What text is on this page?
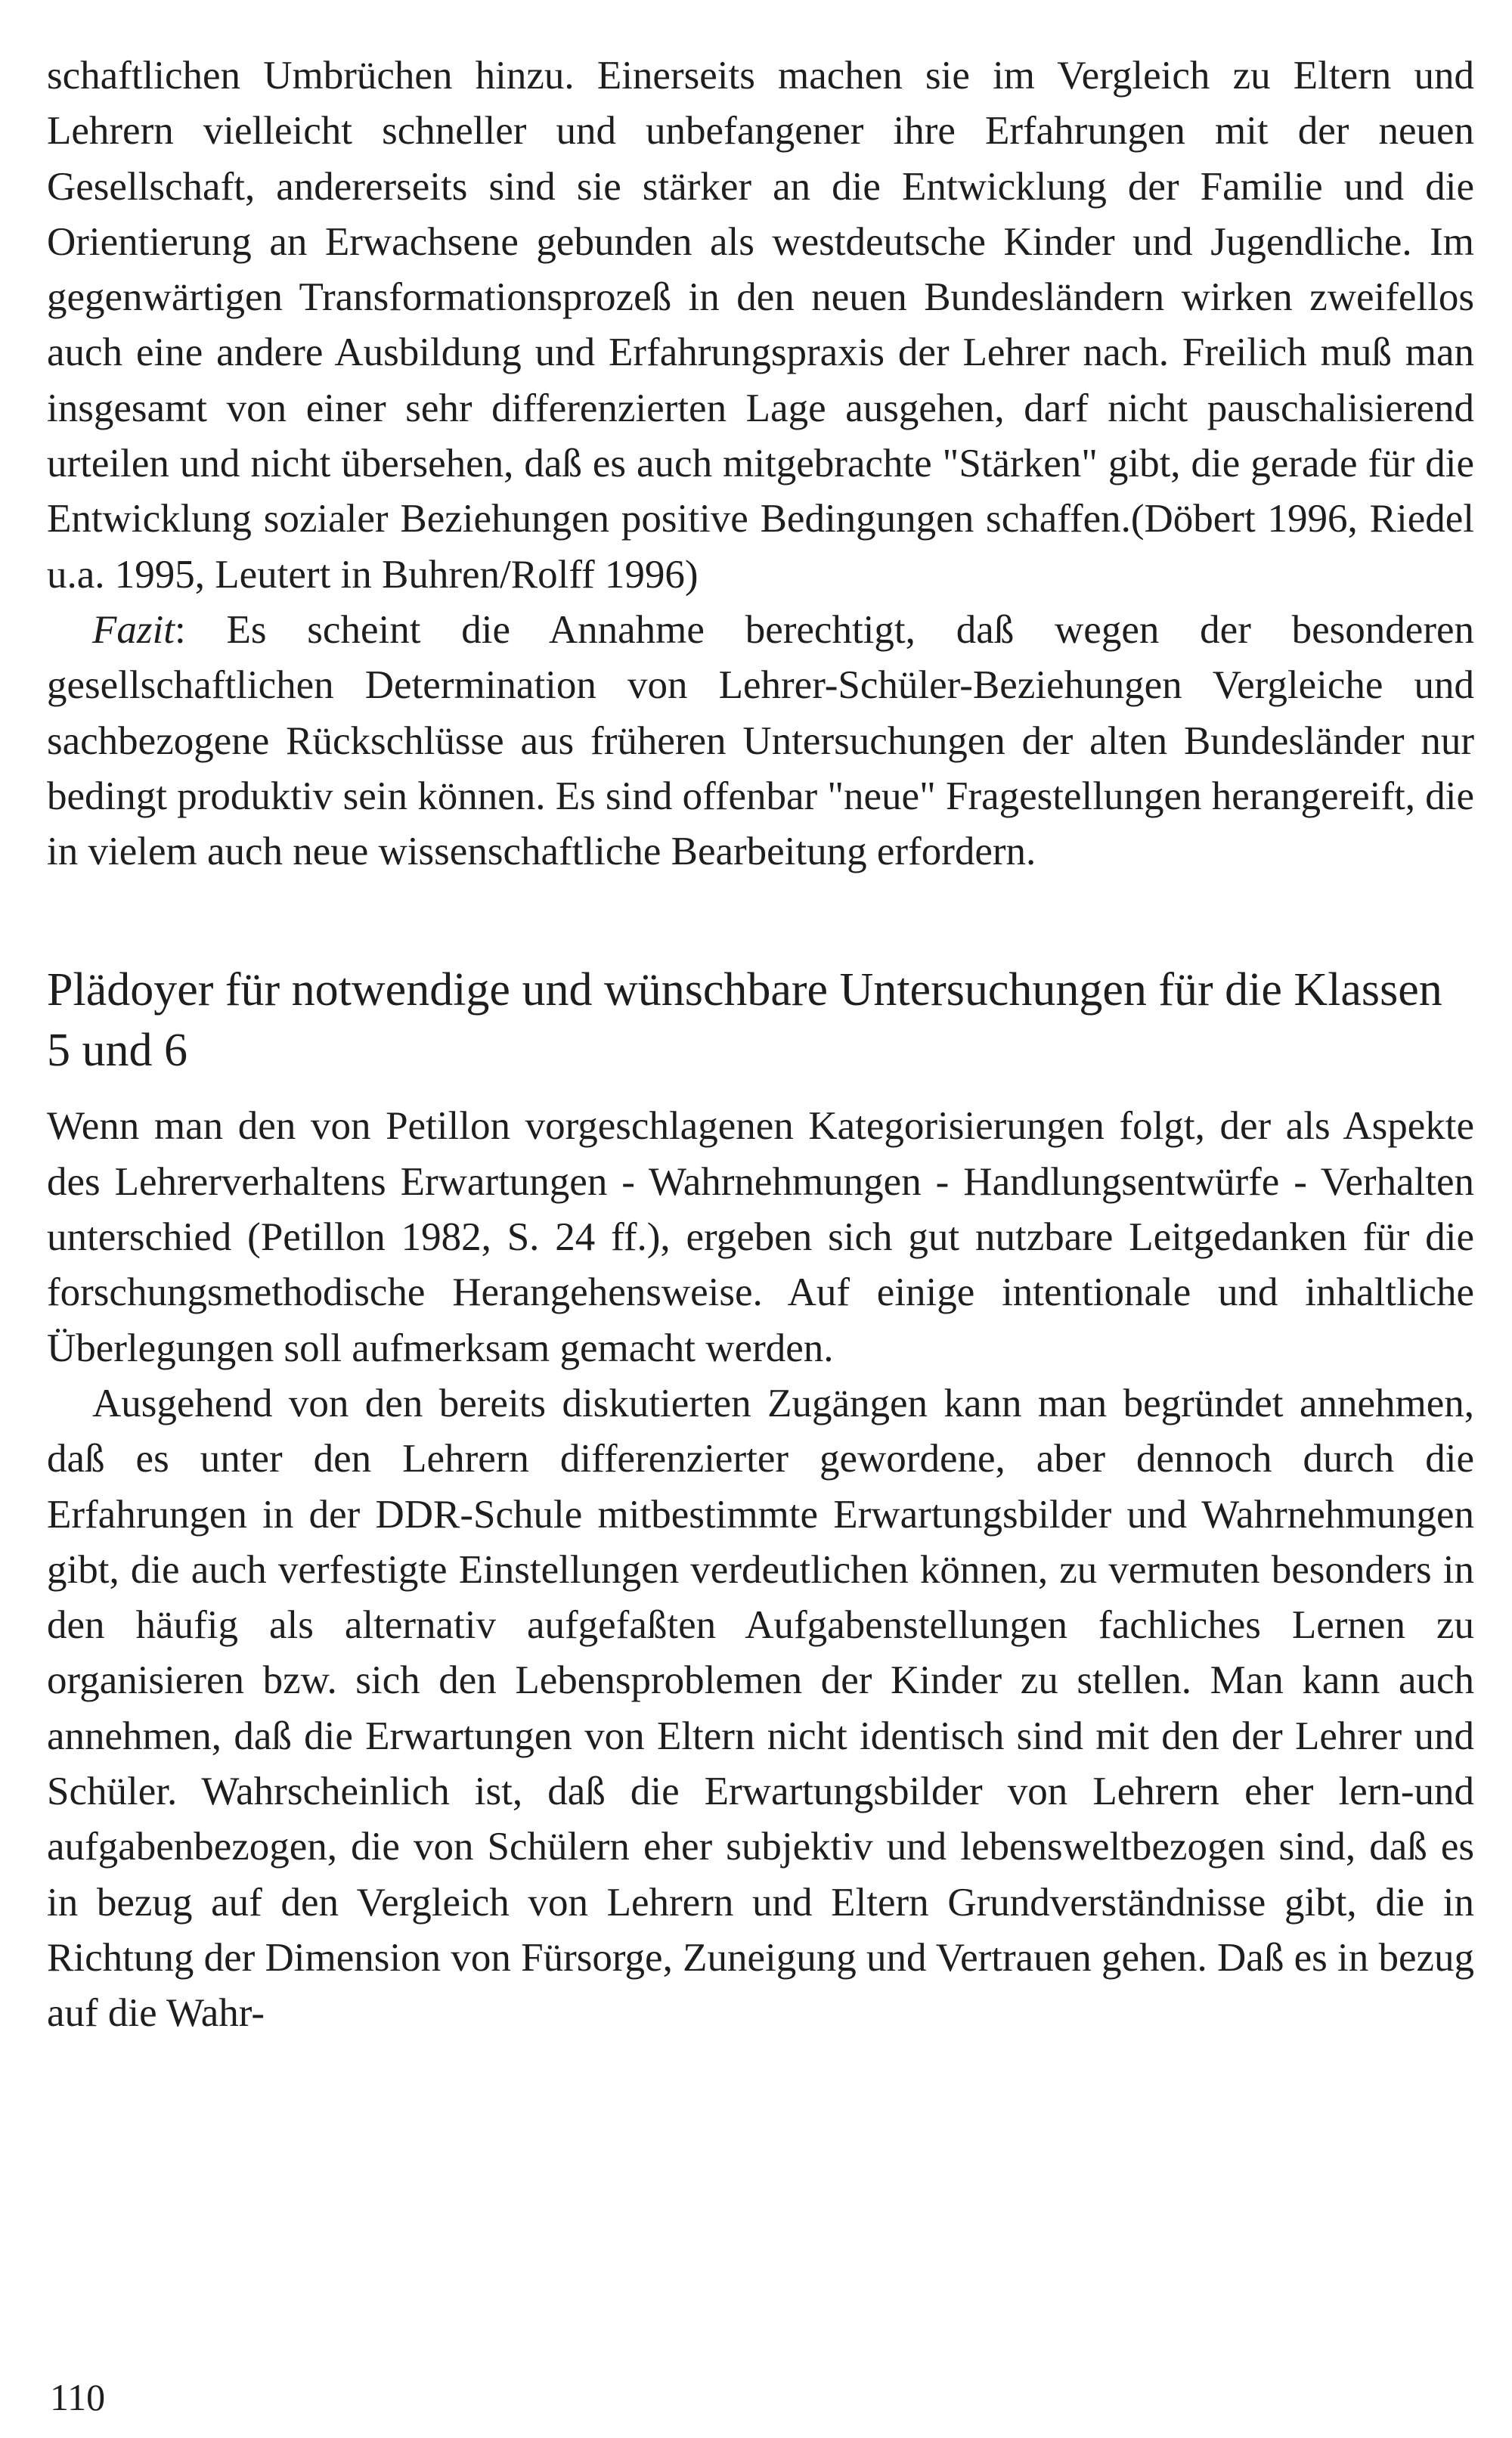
schaftlichen Umbrüchen hinzu. Einerseits machen sie im Vergleich zu Eltern und Lehrern vielleicht schneller und unbefangener ihre Erfahrungen mit der neuen Gesellschaft, andererseits sind sie stärker an die Entwicklung der Familie und die Orientierung an Erwachsene gebunden als westdeutsche Kinder und Jugendliche. Im gegenwärtigen Transformationsprozeß in den neuen Bundesländern wirken zweifellos auch eine andere Ausbildung und Erfahrungspraxis der Lehrer nach. Freilich muß man insgesamt von einer sehr differenzierten Lage ausgehen, darf nicht pauschalisierend urteilen und nicht übersehen, daß es auch mitgebrachte "Stärken" gibt, die gerade für die Entwicklung sozialer Beziehungen positive Bedingungen schaffen.(Döbert 1996, Riedel u.a. 1995, Leutert in Buhren/Rolff 1996)

Fazit: Es scheint die Annahme berechtigt, daß wegen der besonderen gesellschaftlichen Determination von Lehrer-Schüler-Beziehungen Vergleiche und sachbezogene Rückschlüsse aus früheren Untersuchungen der alten Bundesländer nur bedingt produktiv sein können. Es sind offenbar "neue" Fragestellungen herangereift, die in vielem auch neue wissenschaftliche Bearbeitung erfordern.

Plädoyer für notwendige und wünschbare Untersuchungen für die Klassen 5 und 6

Wenn man den von Petillon vorgeschlagenen Kategorisierungen folgt, der als Aspekte des Lehrerverhaltens Erwartungen - Wahrnehmungen - Handlungsentwürfe - Verhalten unterschied (Petillon 1982, S. 24 ff.), ergeben sich gut nutzbare Leitgedanken für die forschungsmethodische Herangehensweise. Auf einige intentionale und inhaltliche Überlegungen soll aufmerksam gemacht werden.

Ausgehend von den bereits diskutierten Zugängen kann man begründet annehmen, daß es unter den Lehrern differenzierter gewordene, aber dennoch durch die Erfahrungen in der DDR-Schule mitbestimmte Erwartungsbilder und Wahrnehmungen gibt, die auch verfestigte Einstellungen verdeutlichen können, zu vermuten besonders in den häufig als alternativ aufgefaßten Aufgabenstellungen fachliches Lernen zu organisieren bzw. sich den Lebensproblemen der Kinder zu stellen. Man kann auch annehmen, daß die Erwartungen von Eltern nicht identisch sind mit den der Lehrer und Schüler. Wahrscheinlich ist, daß die Erwartungsbilder von Lehrern eher lern-und aufgabenbezogen, die von Schülern eher subjektiv und lebensweltbezogen sind, daß es in bezug auf den Vergleich von Lehrern und Eltern Grundverständnisse gibt, die in Richtung der Dimension von Fürsorge, Zuneigung und Vertrauen gehen. Daß es in bezug auf die Wahr-

110
